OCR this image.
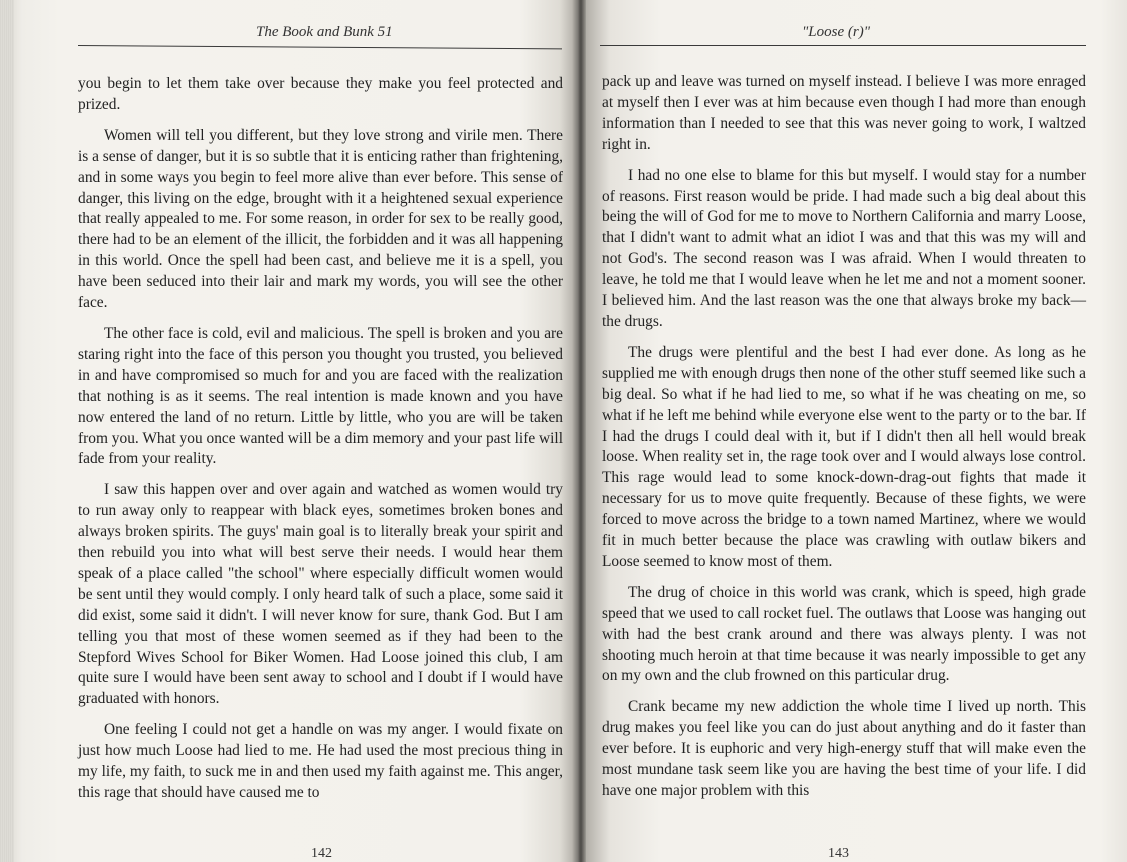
The Book and Bunk 51

you begin to let them take over because they make you feel protected and prized.

Women will tell you different, but they love strong and virile men. There is a sense of danger, but it is so subtle that it is enticing rather than frightening, and in some ways you begin to feel more alive than ever before. This sense of danger, this living on the edge, brought with it a heightened sexual experience that really appealed to me. For some reason, in order for sex to be really good, there had to be an element of the illicit, the forbidden and it was all happening in this world. Once the spell had been cast, and believe me it is a spell, you have been seduced into their lair and mark my words, you will see the other face.

The other face is cold, evil and malicious. The spell is broken and you are staring right into the face of this person you thought you trusted, you believed in and have compromised so much for and you are faced with the realization that nothing is as it seems. The real intention is made known and you have now entered the land of no return. Little by little, who you are will be taken from you. What you once wanted will be a dim memory and your past life will fade from your reality.

I saw this happen over and over again and watched as women would try to run away only to reappear with black eyes, sometimes broken bones and always broken spirits. The guys' main goal is to literally break your spirit and then rebuild you into what will best serve their needs. I would hear them speak of a place called "the school" where especially difficult women would be sent until they would comply. I only heard talk of such a place, some said it did exist, some said it didn't. I will never know for sure, thank God. But I am telling you that most of these women seemed as if they had been to the Stepford Wives School for Biker Women. Had Loose joined this club, I am quite sure I would have been sent away to school and I doubt if I would have graduated with honors.

One feeling I could not get a handle on was my anger. I would fixate on just how much Loose had lied to me. He had used the most precious thing in my life, my faith, to suck me in and then used my faith against me. This anger, this rage that should have caused me to

142
"Loose (r)"

pack up and leave was turned on myself instead. I believe I was more enraged at myself then I ever was at him because even though I had more than enough information than I needed to see that this was never going to work, I waltzed right in.

I had no one else to blame for this but myself. I would stay for a number of reasons. First reason would be pride. I had made such a big deal about this being the will of God for me to move to Northern California and marry Loose, that I didn't want to admit what an idiot I was and that this was my will and not God's. The second reason was I was afraid. When I would threaten to leave, he told me that I would leave when he let me and not a moment sooner. I believed him. And the last reason was the one that always broke my back—the drugs.

The drugs were plentiful and the best I had ever done. As long as he supplied me with enough drugs then none of the other stuff seemed like such a big deal. So what if he had lied to me, so what if he was cheating on me, so what if he left me behind while everyone else went to the party or to the bar. If I had the drugs I could deal with it, but if I didn't then all hell would break loose. When reality set in, the rage took over and I would always lose control. This rage would lead to some knock-down-drag-out fights that made it necessary for us to move quite frequently. Because of these fights, we were forced to move across the bridge to a town named Martinez, where we would fit in much better because the place was crawling with outlaw bikers and Loose seemed to know most of them.

The drug of choice in this world was crank, which is speed, high grade speed that we used to call rocket fuel. The outlaws that Loose was hanging out with had the best crank around and there was always plenty. I was not shooting much heroin at that time because it was nearly impossible to get any on my own and the club frowned on this particular drug.

Crank became my new addiction the whole time I lived up north. This drug makes you feel like you can do just about anything and do it faster than ever before. It is euphoric and very high-energy stuff that will make even the most mundane task seem like you are having the best time of your life. I did have one major problem with this

143
